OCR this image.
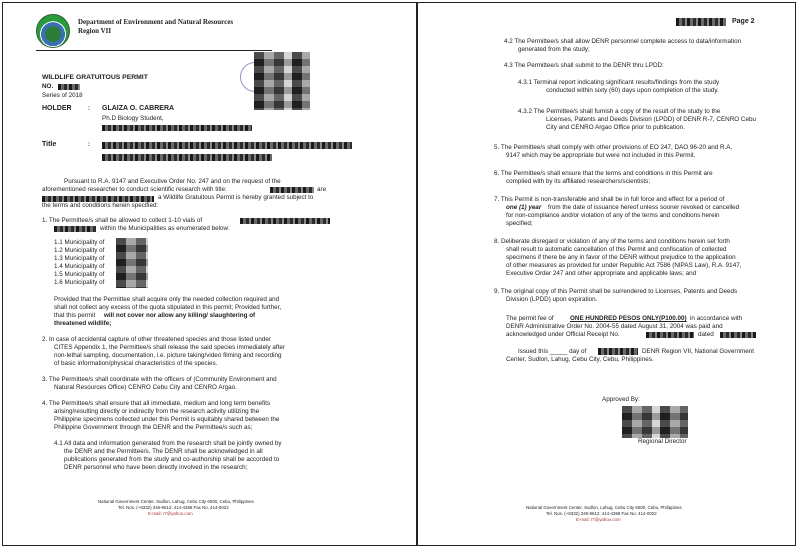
Department of Environment and Natural Resources
Region VII
WILDLIFE GRATUITOUS PERMIT
NO.
Series of 2018
HOLDER	: GLAIZA O. CABRERA
Ph.D Biology Student,
Title	:
Pursuant to R.A. 9147 and Executive Order No. 247 and on the request of the
aforementioned researcher to conduct scientific research with title:	are
a Wildlife Gratuitous Permit is hereby granted subject to
the terms and conditions herein specified:
1. The Permittee/s shall be allowed to collect 1-10 vials of
within the Municipalities as enumerated below:
1.1 Municipality of
1.2 Municipality of
1.3 Municipality of
1.4 Municipality of
1.5 Municipality of
1.6 Municipality of
Provided that the Permittee shall acquire only the needed collection required and
shall not collect any excess of the quota stipulated in this permit; Provided further,
that this permit will not cover nor allow any killing/ slaughtering of
threatened wildlife;
2. In case of accidental capture of other threatened species and those listed under
CITES Appendix 1, the Permittee/s shall release the said species immediately after
non-lethal sampling, documentation, i.e. picture taking/video filming and recording
of basic information/physical characteristics of the species.
3. The Permittee/s shall coordinate with the officers of (Community Environment and
Natural Resources Office) CENRO Cebu City and CENRO Argao.
4. The Permittee/s shall ensure that all immediate, medium and long term benefits
arising/resulting directly or indirectly from the research activity utilizing the
Philippine specimens collected under this Permit is equitably shared between the
Philippine Government through the DENR and the Permittee/s such as;
4.1 All data and information generated from the research shall be jointly owned by
the DENR and the Permittee/s. The DENR shall be acknowledged in all
publications generated from the study and co-authorship shall be accorded to
DENR personnel who have been directly involved in the research;
National Government Center, Sudlon, Lahug, Cebu City 6000, Cebu, Philippines
Tel. Nos. (+6332) 346-9612; 414-4368 Fax No. 414-0022
E-mail: r7@yahoo.com
Page 2
4.2 The Permittee/s shall allow DENR personnel complete access to data/information
generated from the study;
4.3 The Permittee/s shall submit to the DENR thru LPDD:
4.3.1 Terminal report indicating significant results/findings from the study
conducted within sixty (60) days upon completion of the study.
4.3.2 The Permittee/s shall furnish a copy of the result of the study to the
Licenses, Patents and Deeds Division (LPDD) of DENR R-7, CENRO Cebu
City and CENRO Argao Office prior to publication.
5. The Permittee/s shall comply with other provisions of EO 247, DAO 96-20 and R.A.
9147 which may be appropriate but were not included in this Permit.
6. The Permittee/s shall ensure that the terms and conditions in this Permit are
complied with by its affiliated researchers/scientists;
7. This Permit is non-transferable and shall be in full force and effect for a period of
one (1) year from the date of issuance hereof unless sooner revoked or cancelled
for non-compliance and/or violation of any of the terms and conditions herein
specified;
8. Deliberate disregard or violation of any of the terms and conditions herein set forth
shall result to automatic cancellation of this Permit and confiscation of collected
specimens if there be any in favor of the DENR without prejudice to the application
of other measures as provided for under Republic Act 7586 (NIPAS Law), R.A. 9147,
Executive Order 247 and other appropriate and applicable laws; and
9. The original copy of this Permit shall be surrendered to Licenses, Patents and Deeds
Division (LPDD) upon expiration.
The permit fee of	ONE HUNDRED PESOS ONLY(P100.00) in accordance with
DENR Administrative Order No. 2004-55 dated August 31, 2004 was paid and
acknowledged under Official Receipt No.	dated
Issued this _____ day of	DENR Region VII, National Government
Center, Sudlon, Lahug, Cebu City, Cebu, Philippines.
Approved By:
Regional Director
National Government Center, Sudlon, Lahug, Cebu City 6000, Cebu, Philippines
Tel. Nos. (+6332) 346-9612; 414-4368 Fax No. 414-0022
E-mail: r7@yahoo.com
